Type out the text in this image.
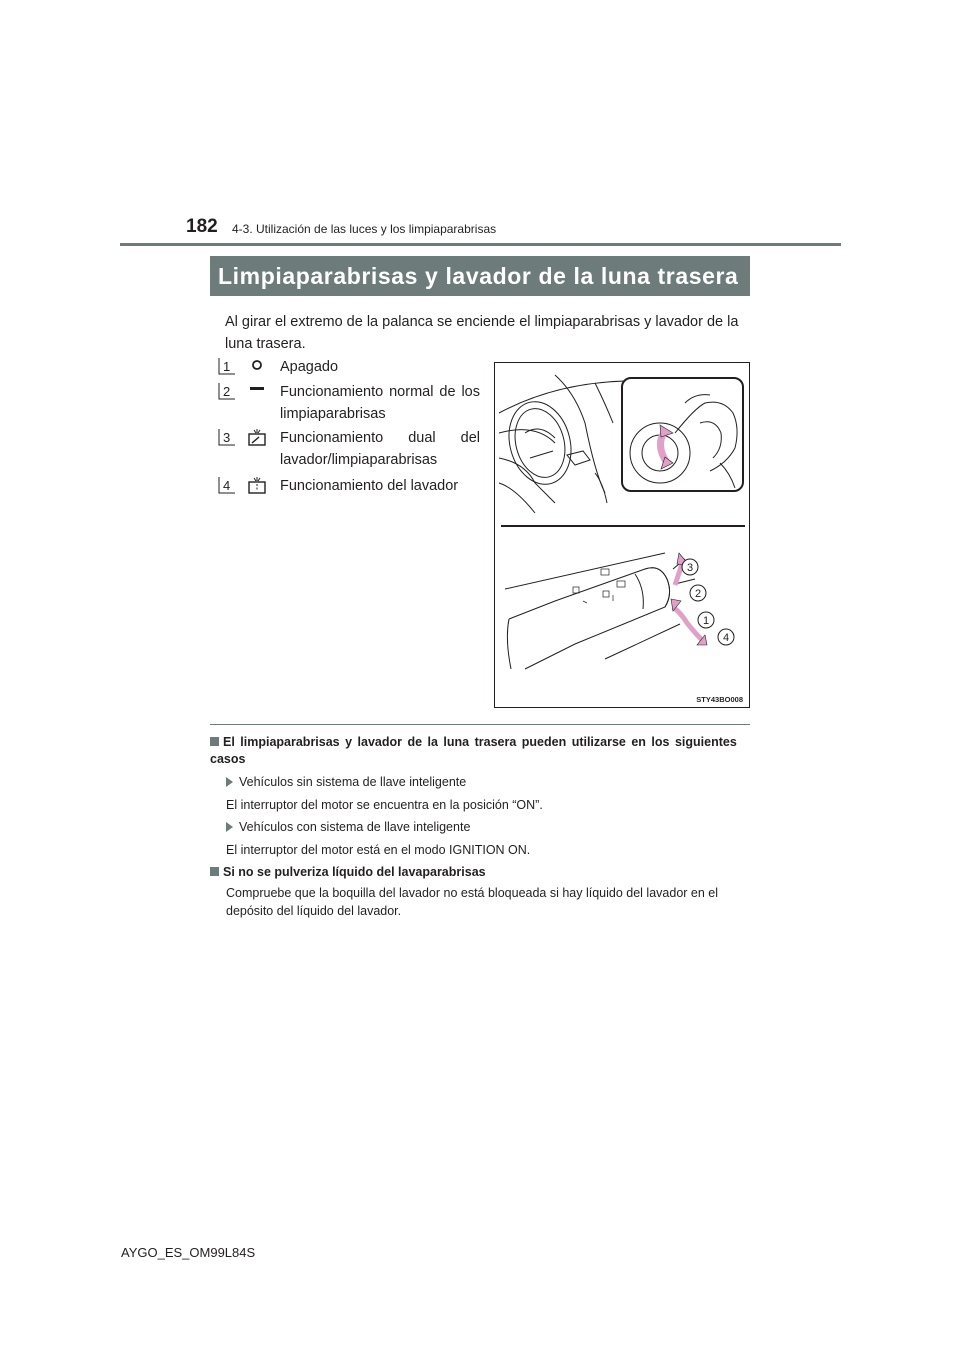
182 4-3. Utilización de las luces y los limpiaparabrisas
Limpiaparabrisas y lavador de la luna trasera
Al girar el extremo de la palanca se enciende el limpiaparabrisas y lavador de la luna trasera.
1	Apagado
2	Funcionamiento normal de los limpiaparabrisas
3	Funcionamiento dual del lavador/limpiaparabrisas
4	Funcionamiento del lavador
3
2
1
4
STY43BO008
El limpiaparabrisas y lavador de la luna trasera pueden utilizarse en los siguientes casos
Vehículos sin sistema de llave inteligente
El interruptor del motor se encuentra en la posición “ON”.
Vehículos con sistema de llave inteligente
El interruptor del motor está en el modo IGNITION ON.
Si no se pulveriza líquido del lavaparabrisas
Compruebe que la boquilla del lavador no está bloqueada si hay líquido del lavador en el depósito del líquido del lavador.
AYGO_ES_OM99L84S
